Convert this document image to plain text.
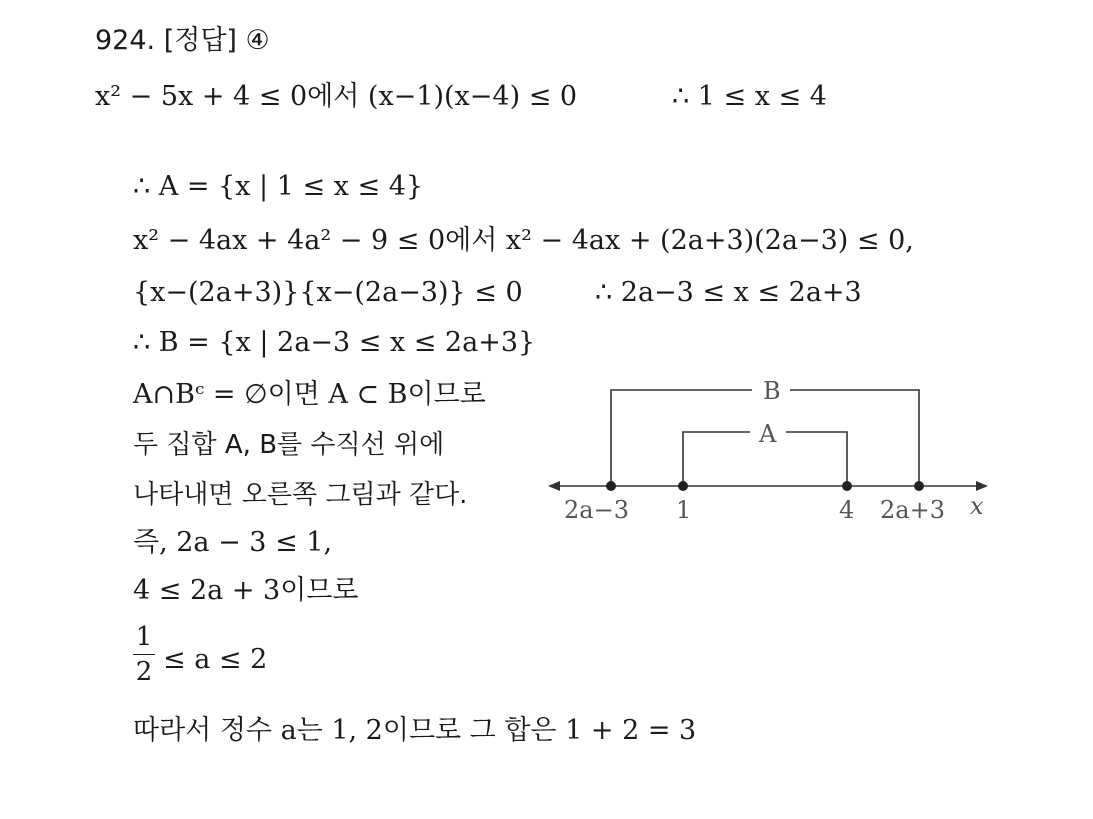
924. [정답] ④
x² − 5x + 4 ≤ 0에서 (x−1)(x−4) ≤ 0	∴ 1 ≤ x ≤ 4
∴ A = {x | 1 ≤ x ≤ 4}
x² − 4ax + 4a² − 9 ≤ 0에서 x² − 4ax + (2a+3)(2a−3) ≤ 0,
{x−(2a+3)}{x−(2a−3)} ≤ 0	∴ 2a−3 ≤ x ≤ 2a+3
∴ B = {x | 2a−3 ≤ x ≤ 2a+3}
A∩Bᶜ = ∅이면 A ⊂ B이므로
두 집합 A, B를 수직선 위에
나타내면 오른쪽 그림과 같다.
즉, 2a − 3 ≤ 1,
4 ≤ 2a + 3이므로
1
2 ≤ a ≤ 2
따라서 정수 a는 1, 2이므로 그 합은 1 + 2 = 3
B
A
2a−3 1	4 2a+3 x
